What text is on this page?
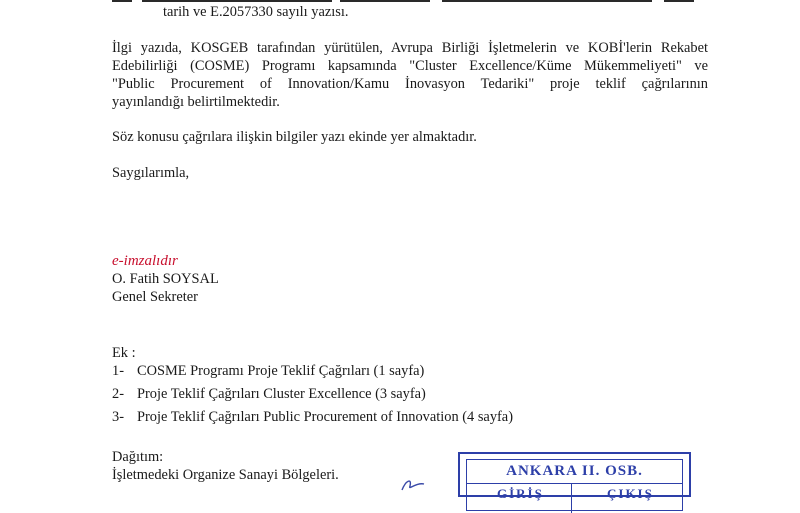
tarih ve E.2057330 sayılı yazısı.
İlgi yazıda, KOSGEB tarafından yürütülen, Avrupa Birliği İşletmelerin ve KOBİ'lerin Rekabet
Edebilirliği (COSME) Programı kapsamında "Cluster Excellence/Küme Mükemmeliyeti" ve
"Public Procurement of Innovation/Kamu İnovasyon Tedariki" proje teklif çağrılarının
yayınlandığı belirtilmektedir.
Söz konusu çağrılara ilişkin bilgiler yazı ekinde yer almaktadır.
Saygılarımla,
e-imzalıdır
O. Fatih SOYSAL
Genel Sekreter
Ek :
1- COSME Programı Proje Teklif Çağrıları (1 sayfa)
2- Proje Teklif Çağrıları Cluster Excellence (3 sayfa)
3- Proje Teklif Çağrıları Public Procurement of Innovation (4 sayfa)
Dağıtım:
İşletmedeki Organize Sanayi Bölgeleri.	ANKARA II. OSB.
GİRİŞ	ÇIKIŞ
